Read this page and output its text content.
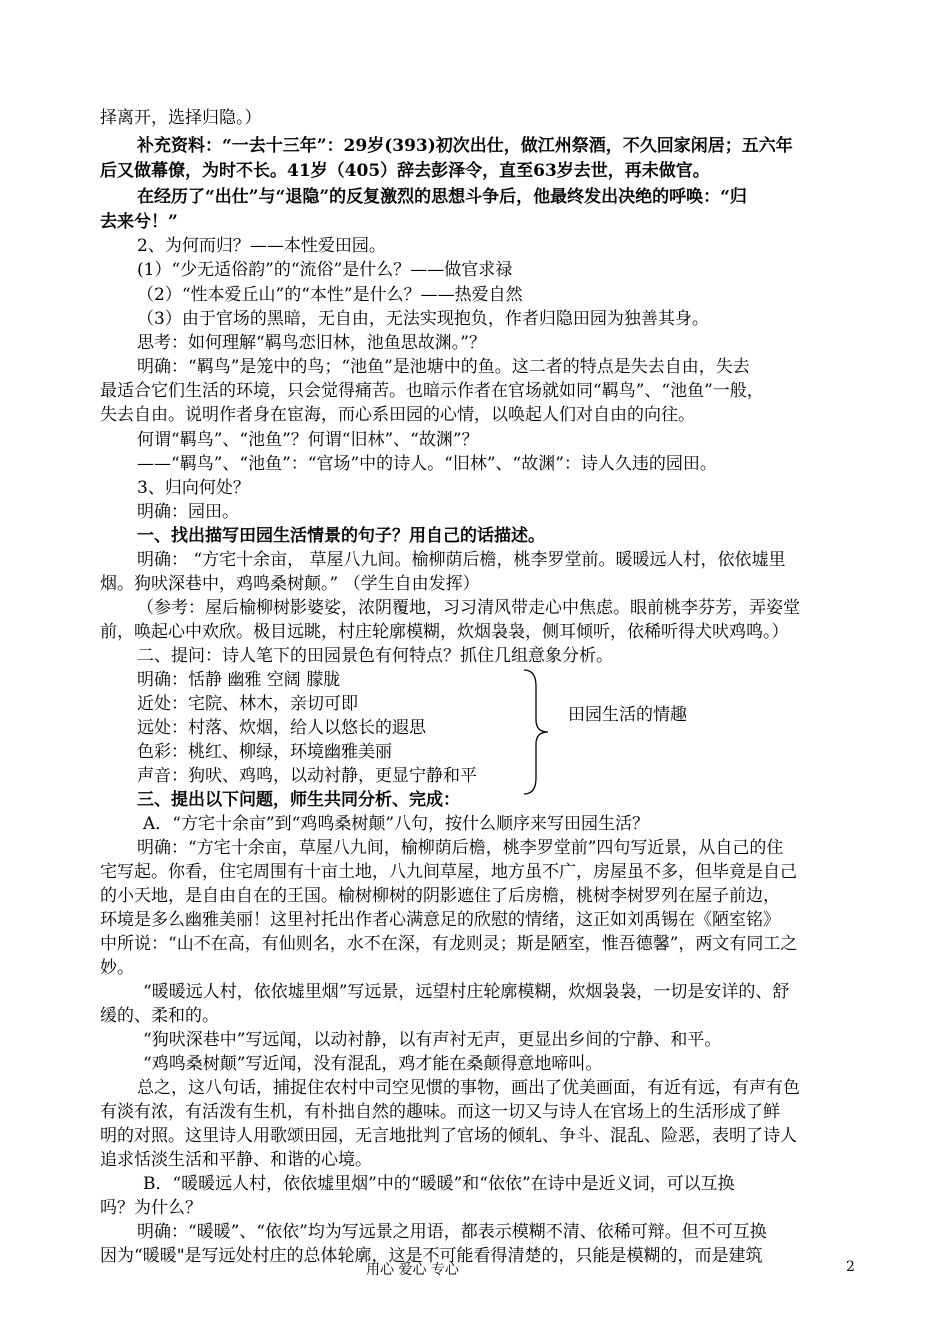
择离开，选择归隐。）
补充资料：“一去十三年”：29岁(393)初次出仕，做江州祭酒，不久回家闲居；五六年
后又做幕僚，为时不长。41岁（405）辞去彭泽令，直至63岁去世，再未做官。
在经历了“出仕”与“退隐”的反复激烈的思想斗争后，他最终发出决绝的呼唤：“归
去来兮！”
2、为何而归？——本性爱田园。
(1）“少无适俗韵”的“流俗”是什么？——做官求禄
（2）“性本爱丘山”的“本性”是什么？——热爱自然
（3）由于官场的黑暗，无自由，无法实现抱负，作者归隐田园为独善其身。
思考：如何理解“羁鸟恋旧林，池鱼思故渊。”？
明确：“羁鸟”是笼中的鸟；“池鱼”是池塘中的鱼。这二者的特点是失去自由，失去
最适合它们生活的环境，只会觉得痛苦。也暗示作者在官场就如同“羁鸟”、“池鱼”一般，
失去自由。说明作者身在宦海，而心系田园的心情，以唤起人们对自由的向往。
何谓“羁鸟”、“池鱼”？何谓“旧林”、“故渊”？
——“羁鸟”、“池鱼”：“官场”中的诗人。“旧林”、“故渊”：诗人久违的园田。
3、归向何处？
明确：园田。
一、找出描写田园生活情景的句子？用自己的话描述。
明确： “方宅十余亩， 草屋八九间。榆柳荫后檐，桃李罗堂前。暖暖远人村，依依墟里
烟。狗吠深巷中，鸡鸣桑树颠。” （学生自由发挥）
（参考：屋后榆柳树影婆娑，浓阴覆地，习习清风带走心中焦虑。眼前桃李芬芳，弄姿堂
前，唤起心中欢欣。极目远眺，村庄轮廓模糊，炊烟袅袅，侧耳倾听，依稀听得犬吠鸡鸣。）
二、提问：诗人笔下的田园景色有何特点？抓住几组意象分析。
明确：恬静 幽雅 空阔 朦胧
近处：宅院、林木，亲切可即
远处：村落、炊烟，给人以悠长的遐思
色彩：桃红、柳绿，环境幽雅美丽
声音：狗吠、鸡鸣，以动衬静，更显宁静和平
三、提出以下问题，师生共同分析、完成：
A．“方宅十余亩”到“鸡鸣桑树颠”八句，按什么顺序来写田园生活？
明确：“方宅十余亩，草屋八九间，榆柳荫后檐，桃李罗堂前”四句写近景，从自己的住
宅写起。你看，住宅周围有十亩土地，八九间草屋，地方虽不广，房屋虽不多，但毕竟是自己
的小天地，是自由自在的王国。榆树柳树的阴影遮住了后房檐，桃树李树罗列在屋子前边，
环境是多么幽雅美丽！这里衬托出作者心满意足的欣慰的情绪，这正如刘禹锡在《陋室铭》
中所说：“山不在高，有仙则名，水不在深，有龙则灵；斯是陋室，惟吾德馨”，两文有同工之
妙。
“暖暖远人村，依依墟里烟”写远景，远望村庄轮廓模糊，炊烟袅袅，一切是安详的、舒
缓的、柔和的。
“狗吠深巷中”写远闻，以动衬静，以有声衬无声，更显出乡间的宁静、和平。
“鸡鸣桑树颠”写近闻，没有混乱，鸡才能在桑颠得意地啼叫。
总之，这八句话，捕捉住农村中司空见惯的事物，画出了优美画面，有近有远，有声有色
有淡有浓，有活泼有生机，有朴拙自然的趣味。而这一切又与诗人在官场上的生活形成了鲜
明的对照。这里诗人用歌颂田园，无言地批判了官场的倾轧、争斗、混乱、险恶，表明了诗人
追求恬淡生活和平静、和谐的心境。
B．“暖暖远人村，依依墟里烟”中的“暖暖”和“依依”在诗中是近义词，可以互换
吗？为什么？
明确：“暖暖”、“依依”均为写远景之用语，都表示模糊不清、依稀可辩。但不可互换
因为“暖暖"是写远处村庄的总体轮廓，这是不可能看得清楚的，只能是模糊的，而是建筑
田园生活的情趣
用心 爱心 专心	2
